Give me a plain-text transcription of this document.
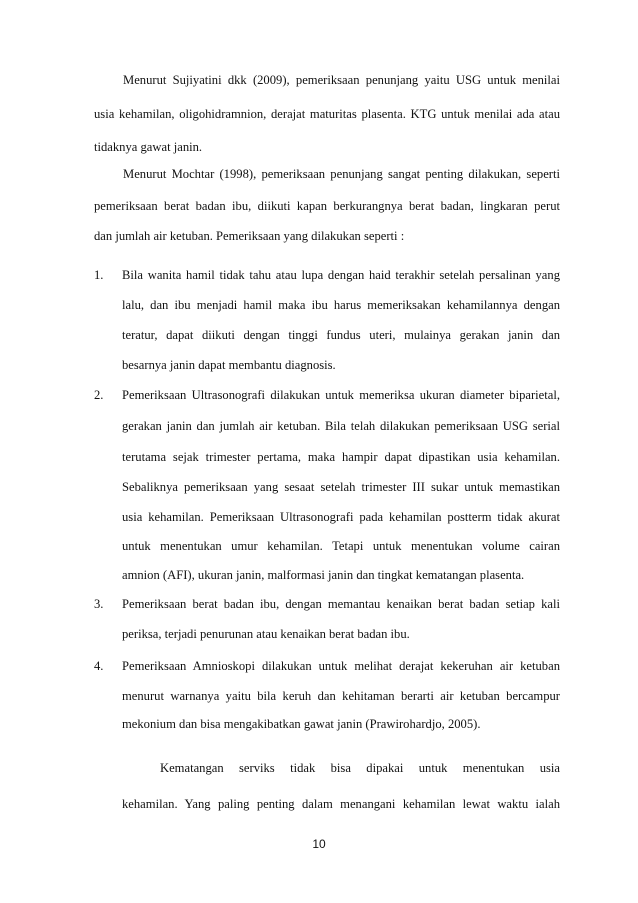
Menurut Sujiyatini dkk (2009), pemeriksaan penunjang yaitu USG untuk menilai

usia kehamilan, oligohidramnion, derajat maturitas plasenta. KTG untuk menilai ada atau

tidaknya gawat janin.

Menurut Mochtar (1998), pemeriksaan penunjang sangat penting dilakukan, seperti

pemeriksaan berat badan ibu, diikuti kapan berkurangnya berat badan, lingkaran perut

dan jumlah air ketuban. Pemeriksaan yang dilakukan seperti :

1. Bila wanita hamil tidak tahu atau lupa dengan haid terakhir setelah persalinan yang

lalu, dan ibu menjadi hamil maka ibu harus memeriksakan kehamilannya dengan

teratur, dapat diikuti dengan tinggi fundus uteri, mulainya gerakan janin dan

besarnya janin dapat membantu diagnosis.

2. Pemeriksaan Ultrasonografi dilakukan untuk memeriksa ukuran diameter biparietal,

gerakan janin dan jumlah air ketuban. Bila telah dilakukan pemeriksaan USG serial

terutama sejak trimester pertama, maka hampir dapat dipastikan usia kehamilan.

Sebaliknya pemeriksaan yang sesaat setelah trimester III sukar untuk memastikan

usia kehamilan. Pemeriksaan Ultrasonografi pada kehamilan postterm tidak akurat

untuk menentukan umur kehamilan. Tetapi untuk menentukan volume cairan

amnion (AFI), ukuran janin, malformasi janin dan tingkat kematangan plasenta.

3. Pemeriksaan berat badan ibu, dengan memantau kenaikan berat badan setiap kali

periksa, terjadi penurunan atau kenaikan berat badan ibu.

4. Pemeriksaan Amnioskopi dilakukan untuk melihat derajat kekeruhan air ketuban

menurut warnanya yaitu bila keruh dan kehitaman berarti air ketuban bercampur

mekonium dan bisa mengakibatkan gawat janin (Prawirohardjo, 2005).

Kematangan serviks tidak bisa dipakai untuk menentukan usia

kehamilan. Yang paling penting dalam menangani kehamilan lewat waktu ialah

10
